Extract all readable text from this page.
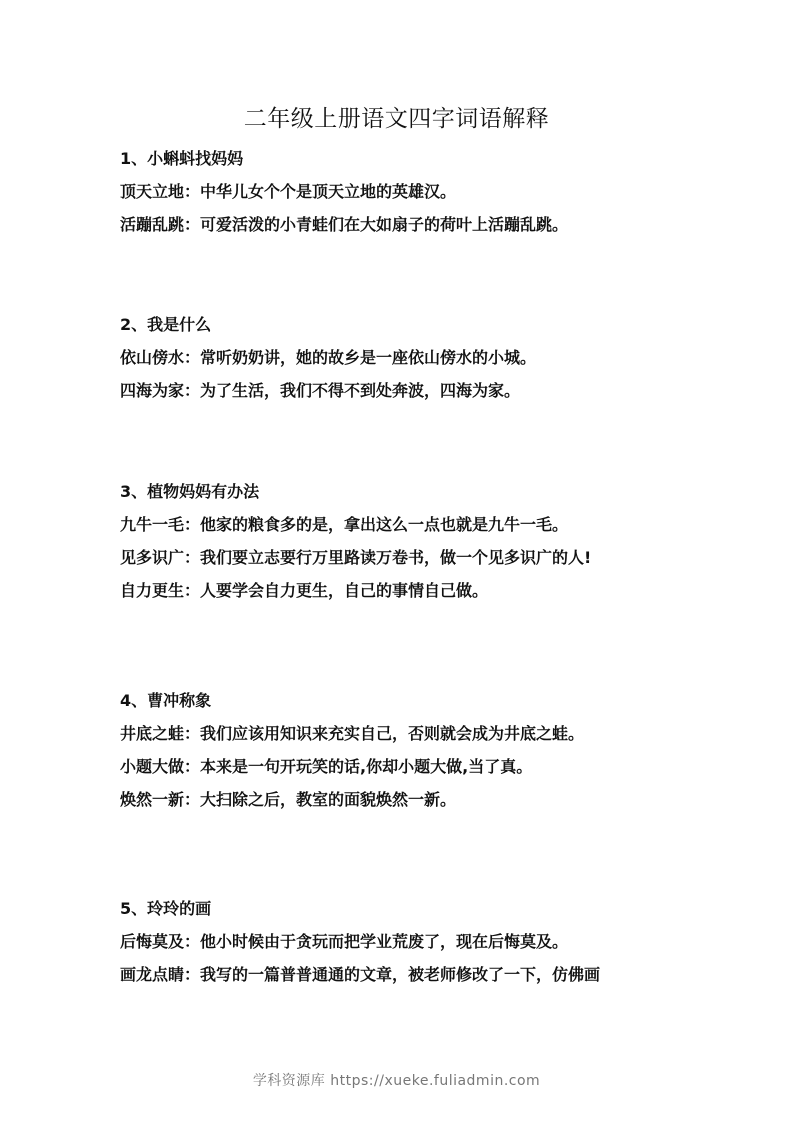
二年级上册语文四字词语解释
1、小蝌蚪找妈妈
顶天立地：中华儿女个个是顶天立地的英雄汉。
活蹦乱跳：可爱活泼的小青蛙们在大如扇子的荷叶上活蹦乱跳。
2、我是什么
依山傍水：常听奶奶讲，她的故乡是一座依山傍水的小城。
四海为家：为了生活，我们不得不到处奔波，四海为家。
3、植物妈妈有办法
九牛一毛：他家的粮食多的是，拿出这么一点也就是九牛一毛。
见多识广：我们要立志要行万里路读万卷书，做一个见多识广的人!
自力更生：人要学会自力更生，自己的事情自己做。
4、曹冲称象
井底之蛙：我们应该用知识来充实自己，否则就会成为井底之蛙。
小题大做：本来是一句开玩笑的话,你却小题大做,当了真。
焕然一新：大扫除之后，教室的面貌焕然一新。
5、玲玲的画
后悔莫及：他小时候由于贪玩而把学业荒废了，现在后悔莫及。
画龙点睛：我写的一篇普普通通的文章，被老师修改了一下，仿佛画
学科资源库 https://xueke.fuliadmin.com
